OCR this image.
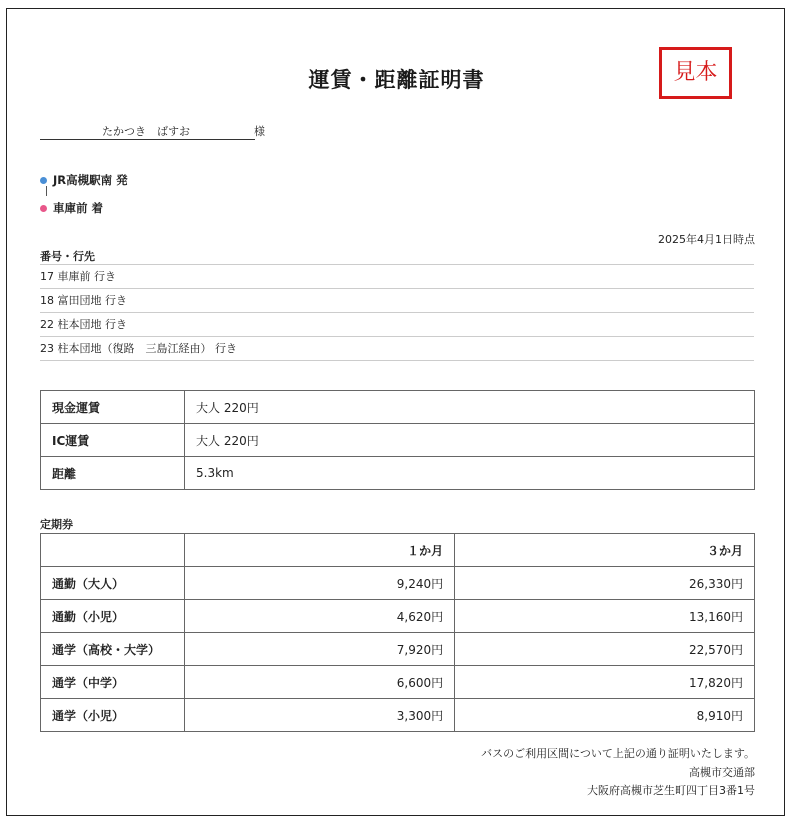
運賃・距離証明書	見本
たかつき　ばすお	様
JR高槻駅南 発
車庫前 着
2025年4月1日時点
番号・行先
17 車庫前 行き
18 富田団地 行き
22 柱本団地 行き
23 柱本団地（復路　三島江経由） 行き
現金運賃	大人 220円
IC運賃	大人 220円
距離	5.3km
定期券
	１か月	３か月
通勤（大人）	9,240円	26,330円
通勤（小児）	4,620円	13,160円
通学（高校・大学）	7,920円	22,570円
通学（中学）	6,600円	17,820円
通学（小児）	3,300円	8,910円
バスのご利用区間について上記の通り証明いたします。
高槻市交通部
大阪府高槻市芝生町四丁目3番1号
